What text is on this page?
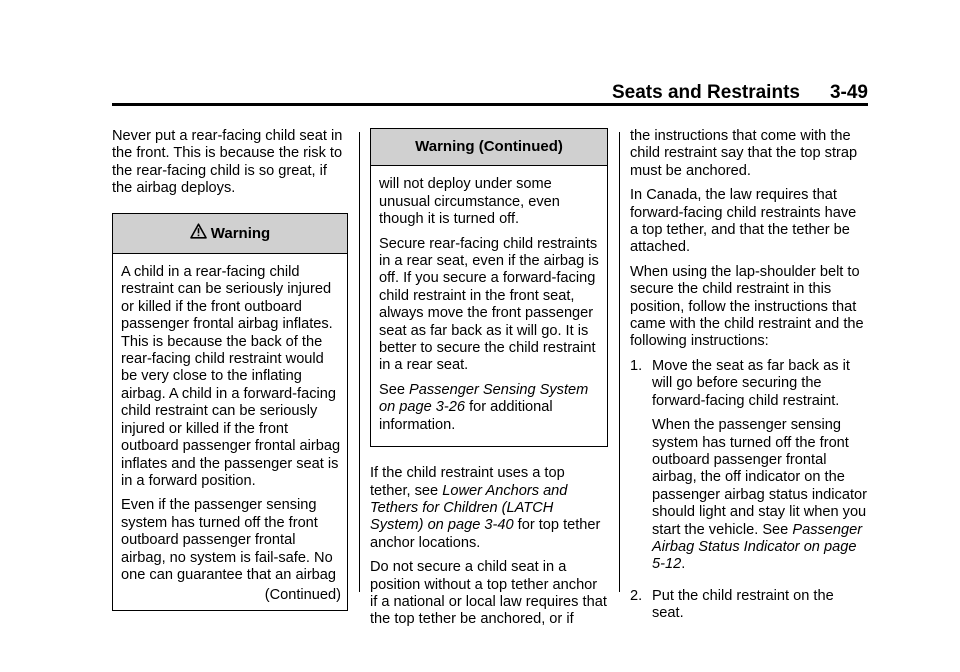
Seats and Restraints 3-49

Never put a rear-facing child seat in the front. This is because the risk to the rear-facing child is so great, if the airbag deploys.

Warning

A child in a rear-facing child restraint can be seriously injured or killed if the front outboard passenger frontal airbag inflates. This is because the back of the rear-facing child restraint would be very close to the inflating airbag. A child in a forward-facing child restraint can be seriously injured or killed if the front outboard passenger frontal airbag inflates and the passenger seat is in a forward position.

Even if the passenger sensing system has turned off the front outboard passenger frontal airbag, no system is fail-safe. No one can guarantee that an airbag

(Continued)
Warning (Continued)

will not deploy under some unusual circumstance, even though it is turned off.

Secure rear-facing child restraints in a rear seat, even if the airbag is off. If you secure a forward-facing child restraint in the front seat, always move the front passenger seat as far back as it will go. It is better to secure the child restraint in a rear seat.

See Passenger Sensing System on page 3-26 for additional information.

If the child restraint uses a top tether, see Lower Anchors and Tethers for Children (LATCH System) on page 3-40 for top tether anchor locations.

Do not secure a child seat in a position without a top tether anchor if a national or local law requires that the top tether be anchored, or if

the instructions that come with the child restraint say that the top strap must be anchored.

In Canada, the law requires that forward-facing child restraints have a top tether, and that the tether be attached.

When using the lap-shoulder belt to secure the child restraint in this position, follow the instructions that came with the child restraint and the following instructions:

1. Move the seat as far back as it will go before securing the forward-facing child restraint.

When the passenger sensing system has turned off the front outboard passenger frontal airbag, the off indicator on the passenger airbag status indicator should light and stay lit when you start the vehicle. See Passenger Airbag Status Indicator on page 5-12.

2. Put the child restraint on the seat.
